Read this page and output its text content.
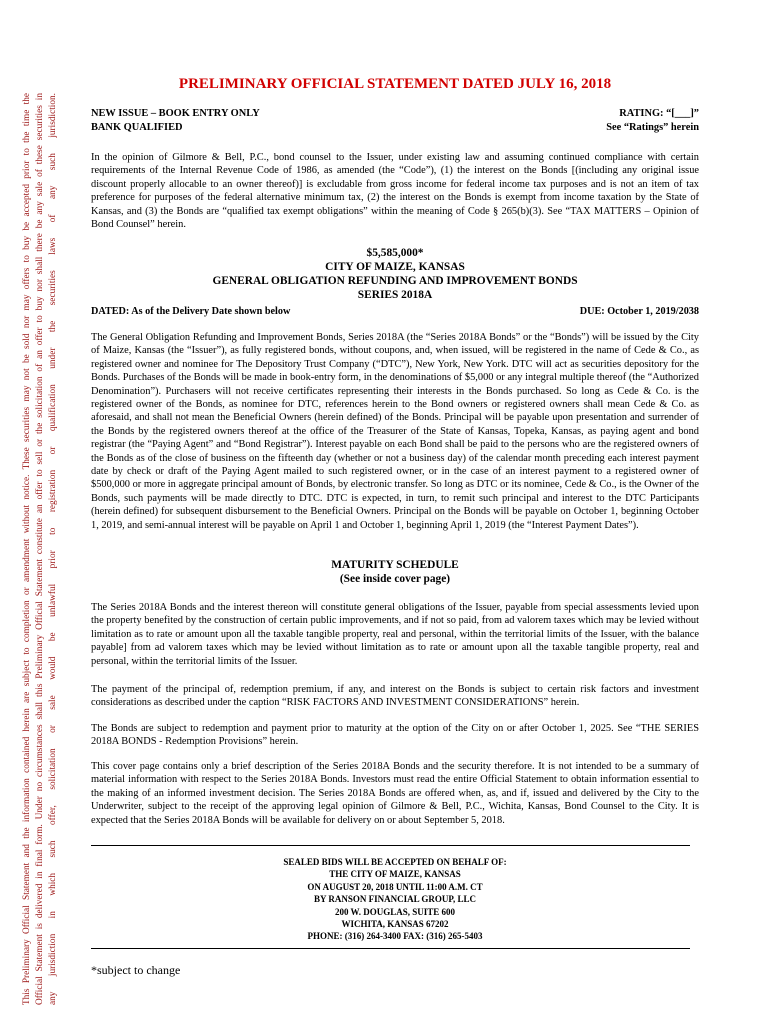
This Preliminary Official Statement and the information contained herein are subject to completion or amendment without notice. These securities may not be sold nor may offers to buy be accepted prior to the time the Official Statement is delivered in final form. Under no circumstances shall this Preliminary Official Statement constitute an offer to sell or the solicitation of an offer to buy nor shall there be any sale of these securities in any jurisdiction in which such offer, solicitation or sale would be unlawful prior to registration or qualification under the securities laws of any such jurisdiction.
PRELIMINARY OFFICIAL STATEMENT DATED JULY 16, 2018
NEW ISSUE – BOOK ENTRY ONLY
BANK QUALIFIED
RATING: “[___]”
See “Ratings” herein

In the opinion of Gilmore & Bell, P.C., bond counsel to the Issuer, under existing law and assuming continued compliance with certain requirements of the Internal Revenue Code of 1986, as amended (the “Code”), (1) the interest on the Bonds [(including any original issue discount properly allocable to an owner thereof)] is excludable from gross income for federal income tax purposes and is not an item of tax preference for purposes of the federal alternative minimum tax, (2) the interest on the Bonds is exempt from income taxation by the State of Kansas, and (3) the Bonds are “qualified tax exempt obligations” within the meaning of Code § 265(b)(3). See “TAX MATTERS – Opinion of Bond Counsel” herein.

$5,585,000*
CITY OF MAIZE, KANSAS
GENERAL OBLIGATION REFUNDING AND IMPROVEMENT BONDS
SERIES 2018A
DATED: As of the Delivery Date shown below	DUE: October 1, 2019/2038

The General Obligation Refunding and Improvement Bonds, Series 2018A (the “Series 2018A Bonds” or the “Bonds”) will be issued by the City of Maize, Kansas (the “Issuer”), as fully registered bonds, without coupons, and, when issued, will be registered in the name of Cede & Co., as registered owner and nominee for The Depository Trust Company (“DTC”), New York, New York. DTC will act as securities depository for the Bonds. Purchases of the Bonds will be made in book-entry form, in the denominations of $5,000 or any integral multiple thereof (the “Authorized Denomination”). Purchasers will not receive certificates representing their interests in the Bonds purchased. So long as Cede & Co. is the registered owner of the Bonds, as nominee for DTC, references herein to the Bond owners or registered owners shall mean Cede & Co. as aforesaid, and shall not mean the Beneficial Owners (herein defined) of the Bonds. Principal will be payable upon presentation and surrender of the Bonds by the registered owners thereof at the office of the Treasurer of the State of Kansas, Topeka, Kansas, as paying agent and bond registrar (the “Paying Agent” and “Bond Registrar”). Interest payable on each Bond shall be paid to the persons who are the registered owners of the Bonds as of the close of business on the fifteenth day (whether or not a business day) of the calendar month preceding each interest payment date by check or draft of the Paying Agent mailed to such registered owner, or in the case of an interest payment to a registered owner of $500,000 or more in aggregate principal amount of Bonds, by electronic transfer. So long as DTC or its nominee, Cede & Co., is the Owner of the Bonds, such payments will be made directly to DTC. DTC is expected, in turn, to remit such principal and interest to the DTC Participants (herein defined) for subsequent disbursement to the Beneficial Owners. Principal on the Bonds will be payable on October 1, beginning October 1, 2019, and semi-annual interest will be payable on April 1 and October 1, beginning April 1, 2019 (the “Interest Payment Dates”).

MATURITY SCHEDULE
(See inside cover page)

The Series 2018A Bonds and the interest thereon will constitute general obligations of the Issuer, payable from special assessments levied upon the property benefited by the construction of certain public improvements, and if not so paid, from ad valorem taxes which may be levied without limitation as to rate or amount upon all the taxable tangible property, real and personal, within the territorial limits of the Issuer, with the balance payable] from ad valorem taxes which may be levied without limitation as to rate or amount upon all the taxable tangible property, real and personal, within the territorial limits of the Issuer.

The payment of the principal of, redemption premium, if any, and interest on the Bonds is subject to certain risk factors and investment considerations as described under the caption “RISK FACTORS AND INVESTMENT CONSIDERATIONS” herein.

The Bonds are subject to redemption and payment prior to maturity at the option of the City on or after October 1, 2025. See “THE SERIES 2018A BONDS - Redemption Provisions” herein.

This cover page contains only a brief description of the Series 2018A Bonds and the security therefore. It is not intended to be a summary of material information with respect to the Series 2018A Bonds. Investors must read the entire Official Statement to obtain information essential to the making of an informed investment decision. The Series 2018A Bonds are offered when, as, and if, issued and delivered by the City to the Underwriter, subject to the receipt of the approving legal opinion of Gilmore & Bell, P.C., Wichita, Kansas, Bond Counsel to the City. It is expected that the Series 2018A Bonds will be available for delivery on or about September 5, 2018.

SEALED BIDS WILL BE ACCEPTED ON BEHALF OF:
THE CITY OF MAIZE, KANSAS
ON AUGUST 20, 2018 UNTIL 11:00 A.M. CT
BY RANSON FINANCIAL GROUP, LLC
200 W. DOUGLAS, SUITE 600
WICHITA, KANSAS 67202
PHONE: (316) 264-3400 FAX: (316) 265-5403
*subject to change
